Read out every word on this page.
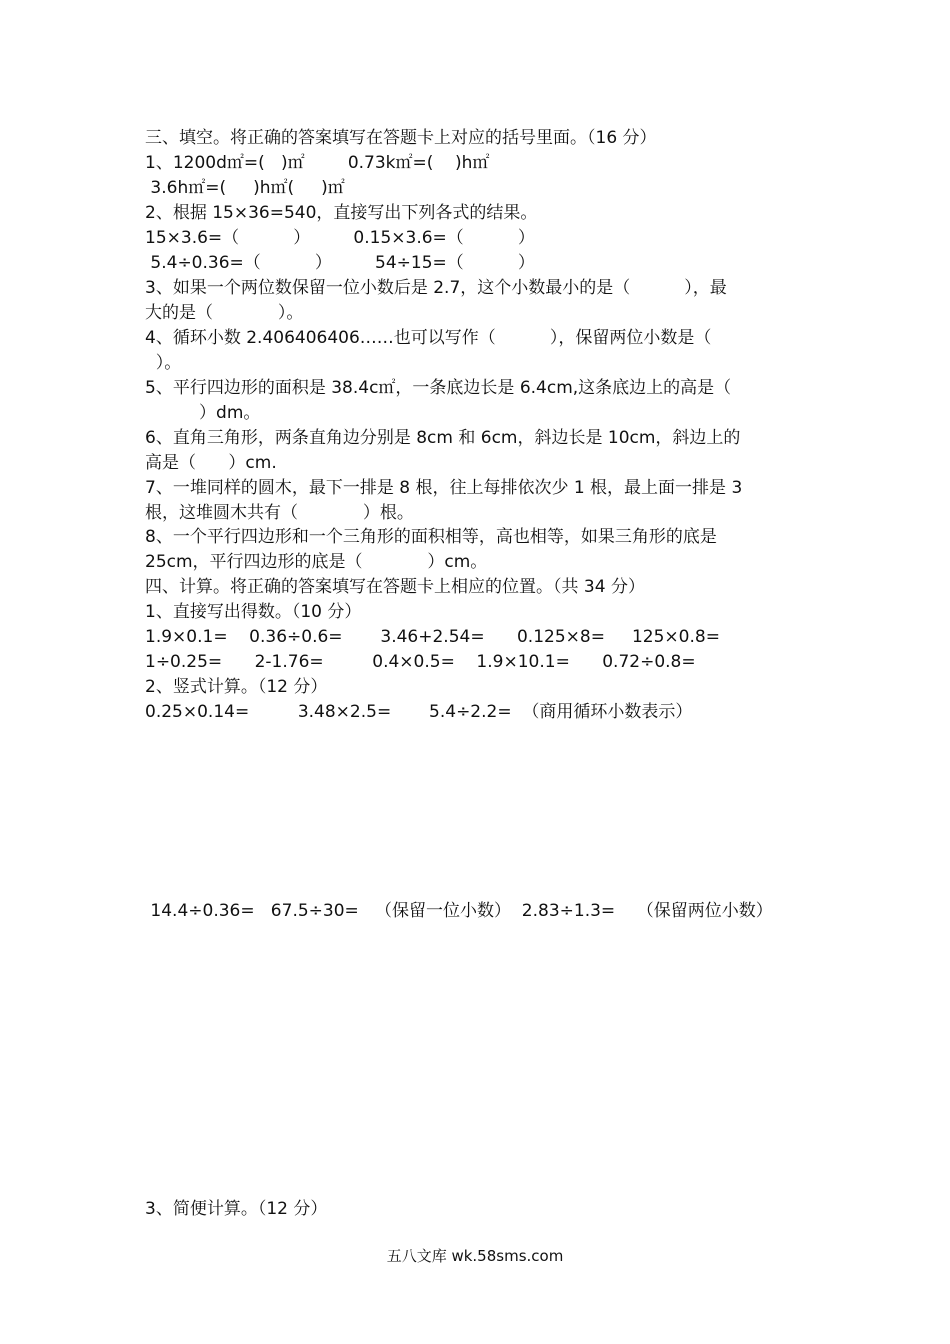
三、填空。将正确的答案填写在答题卡上对应的括号里面。（16 分）
1、1200d㎡=(   )㎡        0.73k㎡=(    )h㎡
3.6h㎡=(     )h㎡(     )㎡
2、根据 15×36=540，直接写出下列各式的结果。
15×3.6=（          ）        0.15×3.6=（          ）
5.4÷0.36=（          ）        54÷15=（          ）
3、如果一个两位数保留一位小数后是 2.7，这个小数最小的是（          ），最
大的是（            ）。
4、循环小数 2.406406406……也可以写作（          ），保留两位小数是（
）。
5、平行四边形的面积是 38.4c㎡，一条底边长是 6.4cm,这条底边上的高是（
）dm。
6、直角三角形，两条直角边分别是 8cm 和 6cm，斜边长是 10cm，斜边上的
高是（      ）cm.
7、一堆同样的圆木，最下一排是 8 根，往上每排依次少 1 根，最上面一排是 3
根，这堆圆木共有（            ）根。
8、一个平行四边形和一个三角形的面积相等，高也相等，如果三角形的底是
25cm，平行四边形的底是（            ）cm。
四、计算。将正确的答案填写在答题卡上相应的位置。（共 34 分）
1、直接写出得数。（10 分）
1.9×0.1=    0.36÷0.6=       3.46+2.54=      0.125×8=     125×0.8=
1÷0.25=      2-1.76=         0.4×0.5=    1.9×10.1=      0.72÷0.8=
2、竖式计算。（12 分）
0.25×0.14=         3.48×2.5=       5.4÷2.2=  （商用循环小数表示）
14.4÷0.36=   67.5÷30=   （保留一位小数）  2.83÷1.3=    （保留两位小数）
3、简便计算。（12 分）
五八文库 wk.58sms.com
